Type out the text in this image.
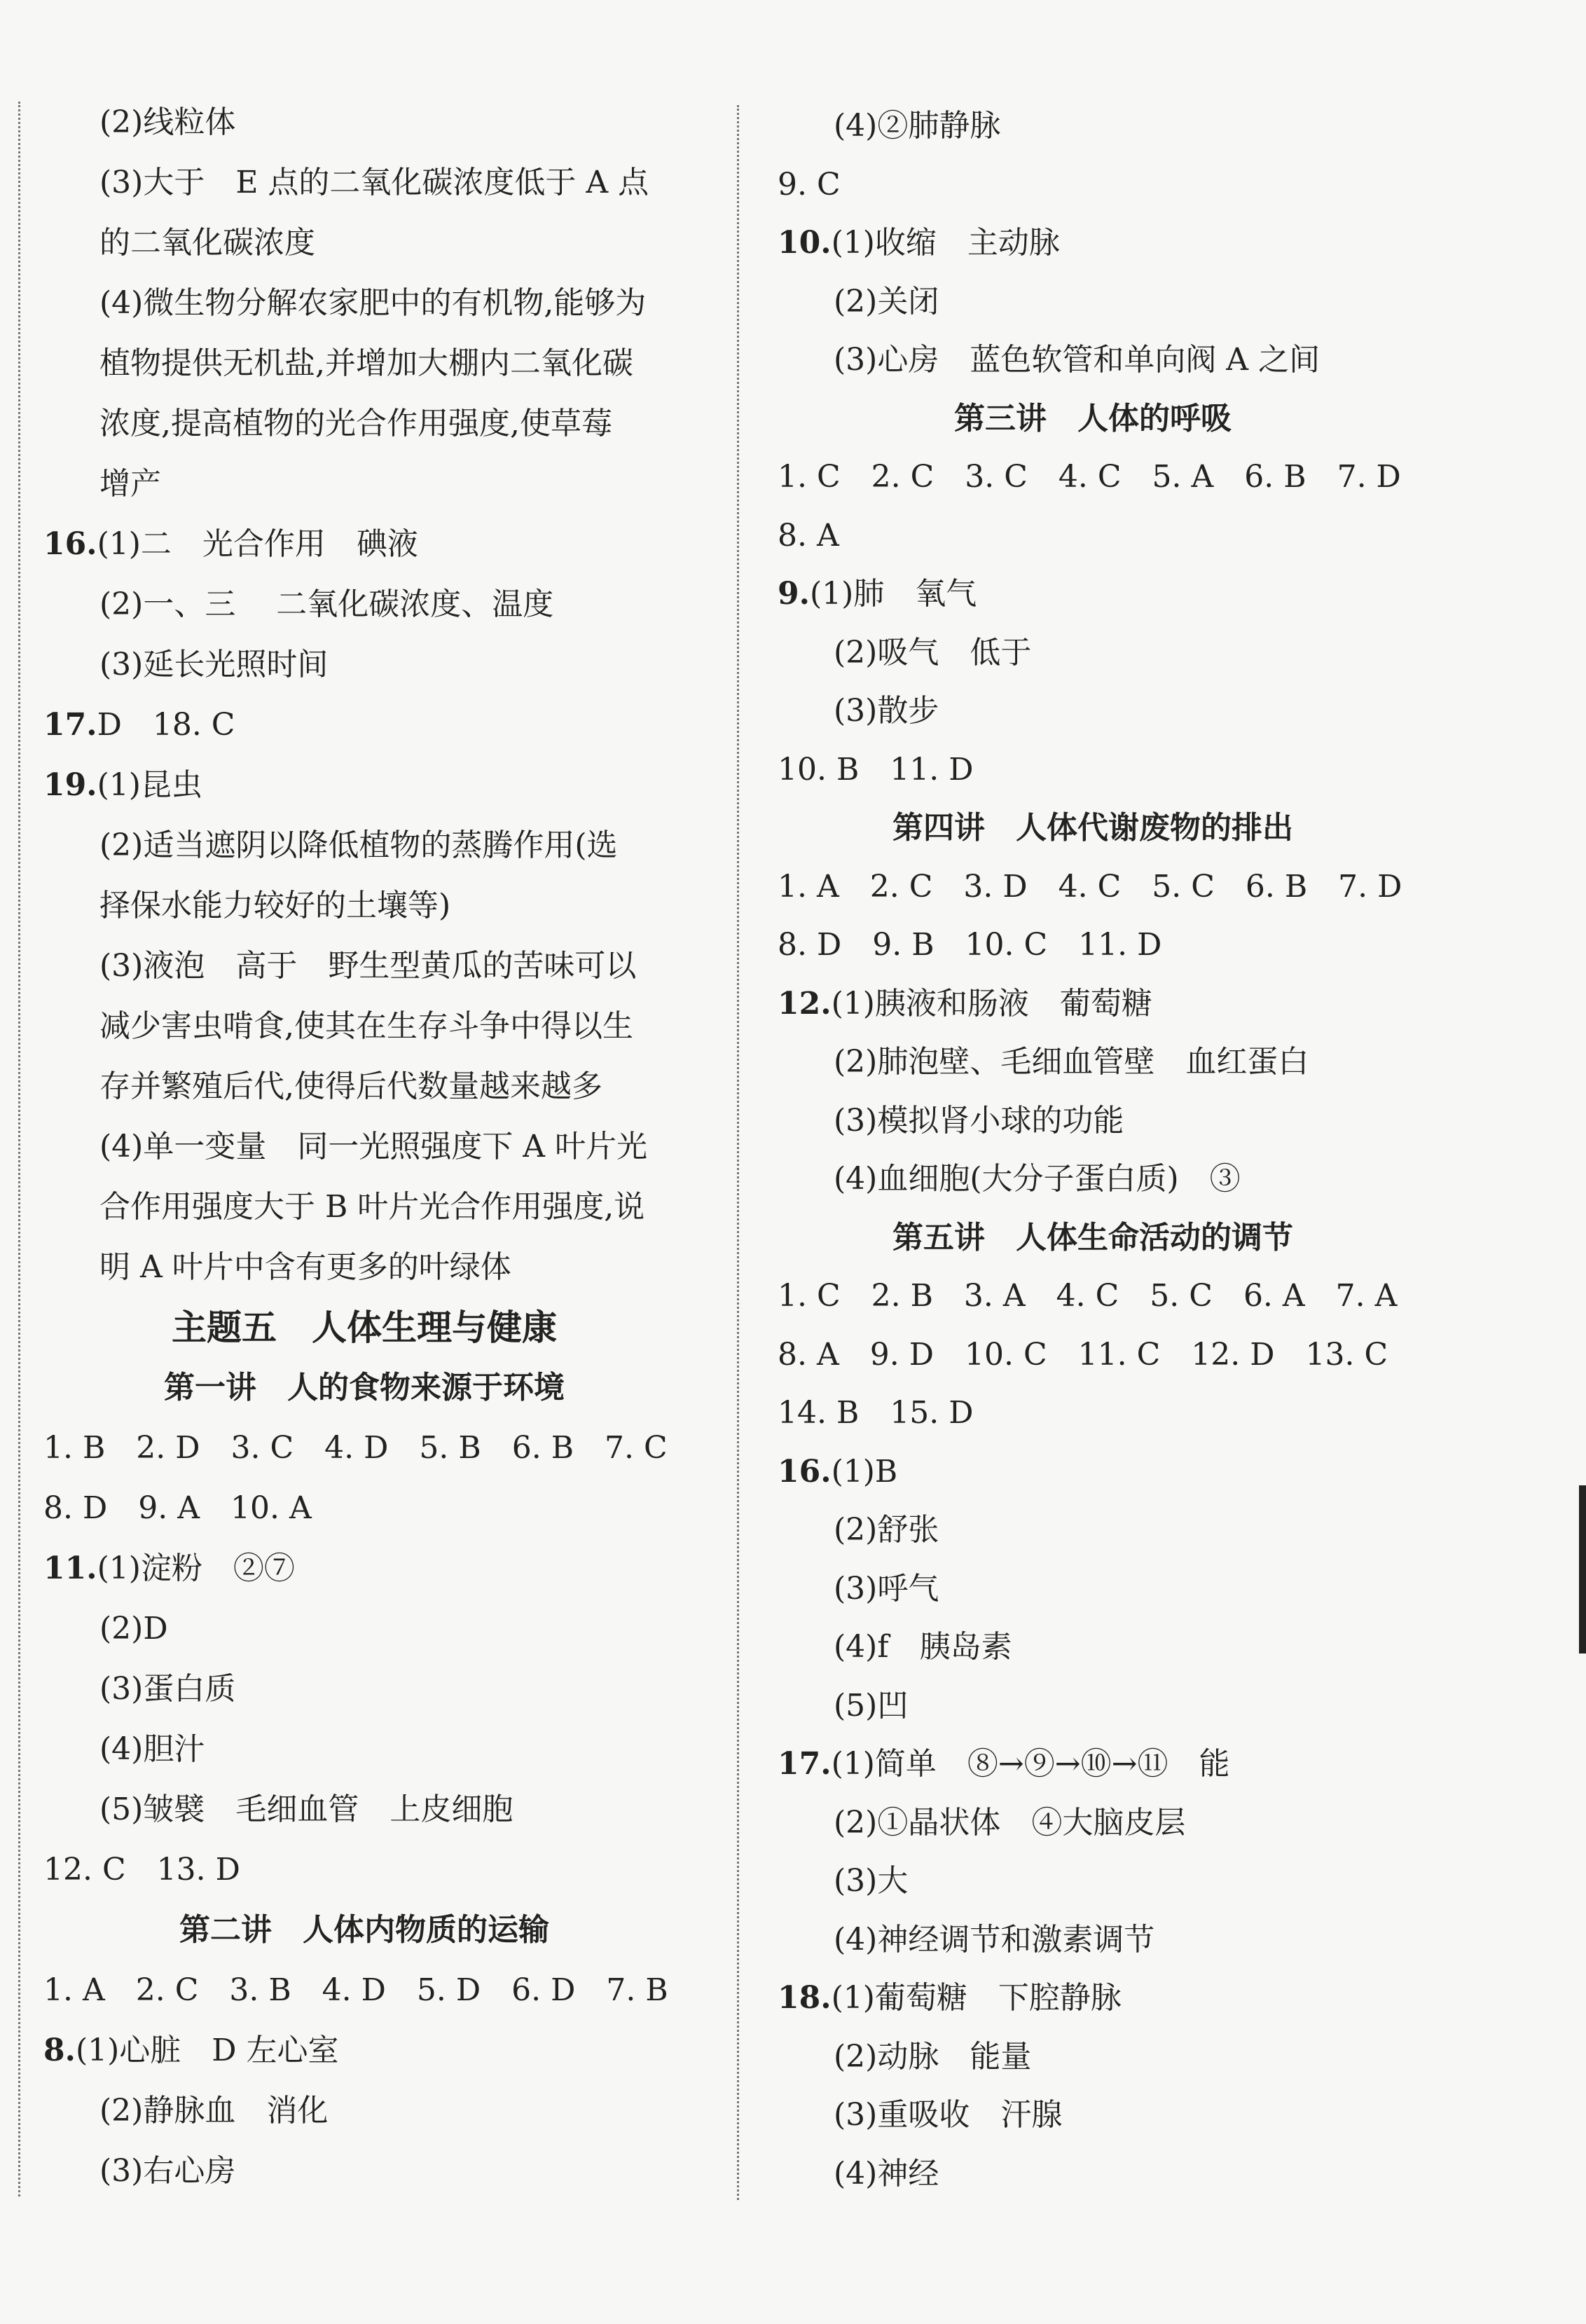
(2)线粒体
(3)大于　E 点的二氧化碳浓度低于 A 点
的二氧化碳浓度
(4)微生物分解农家肥中的有机物,能够为
植物提供无机盐,并增加大棚内二氧化碳
浓度,提高植物的光合作用强度,使草莓
增产
16.(1)二　光合作用　碘液
(2)一、三　 二氧化碳浓度、温度
(3)延长光照时间
17.D　18. C
19.(1)昆虫
(2)适当遮阴以降低植物的蒸腾作用(选
择保水能力较好的土壤等)
(3)液泡　高于　野生型黄瓜的苦味可以
减少害虫啃食,使其在生存斗争中得以生
存并繁殖后代,使得后代数量越来越多
(4)单一变量　同一光照强度下 A 叶片光
合作用强度大于 B 叶片光合作用强度,说
明 A 叶片中含有更多的叶绿体
主题五　人体生理与健康
第一讲　人的食物来源于环境
1. B　2. D　3. C　4. D　5. B　6. B　7. C
8. D　9. A　10. A
11.(1)淀粉　②⑦
(2)D
(3)蛋白质
(4)胆汁
(5)皱襞　毛细血管　上皮细胞
12. C　13. D
第二讲　人体内物质的运输
1. A　2. C　3. B　4. D　5. D　6. D　7. B
8.(1)心脏　D 左心室
(2)静脉血　消化
(3)右心房
(4)②肺静脉
9. C
10.(1)收缩　主动脉
(2)关闭
(3)心房　蓝色软管和单向阀 A 之间
第三讲　人体的呼吸
1. C　2. C　3. C　4. C　5. A　6. B　7. D
8. A
9.(1)肺　氧气
(2)吸气　低于
(3)散步
10. B　11. D
第四讲　人体代谢废物的排出
1. A　2. C　3. D　4. C　5. C　6. B　7. D
8. D　9. B　10. C　11. D
12.(1)胰液和肠液　葡萄糖
(2)肺泡壁、毛细血管壁　血红蛋白
(3)模拟肾小球的功能
(4)血细胞(大分子蛋白质)　③
第五讲　人体生命活动的调节
1. C　2. B　3. A　4. C　5. C　6. A　7. A
8. A　9. D　10. C　11. C　12. D　13. C
14. B　15. D
16.(1)B
(2)舒张
(3)呼气
(4)f　胰岛素
(5)凹
17.(1)简单　⑧→⑨→⑩→⑪　能
(2)①晶状体　④大脑皮层
(3)大
(4)神经调节和激素调节
18.(1)葡萄糖　下腔静脉
(2)动脉　能量
(3)重吸收　汗腺
(4)神经
